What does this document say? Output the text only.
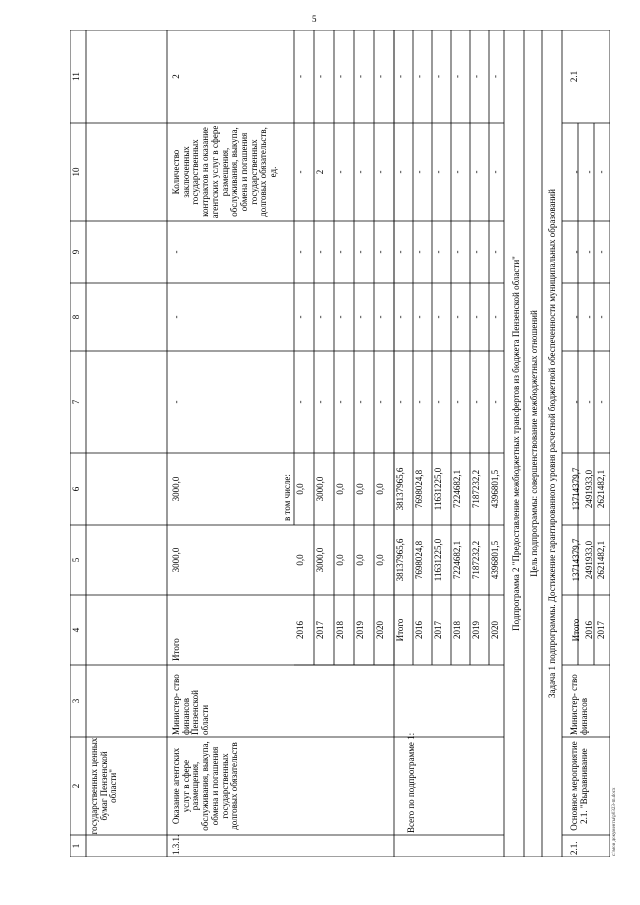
5
1
2
3
4
5
6
7
8
9
10
11
государственных ценных бумаг Пензенской области"
1.3.1.
Оказание агентских услуг в сфере размещения, обслуживания, выкупа, обмена и погашения государственных долговых обязательств
Министер- ство финансов Пензенской области
Итого
3000,0
3000,0
-
-
-
Количество заключенных государственных контрактов на оказание агентских услуг в сфере размещения, обслуживания, выкупа, обмена и погашения государственных долговых обязательств, ед.
2
в том числе:
2016
0,0
0,0
-
-
-
-
-
2017
3000,0
3000,0
-
-
-
2
-
2018
0,0
0,0
-
-
-
-
-
2019
0,0
0,0
-
-
-
-
-
2020
0,0
0,0
-
-
-
-
-
Всего по подпрограмме 1:
Итого
38137965,6
38137965,6
-
-
-
-
-
2016
7698024,8
7698024,8
-
-
-
-
-
2017
11631225,0
11631225,0
-
-
-
-
-
2018
7224682,1
7224682,1
-
-
-
-
-
2019
7187232,2
7187232,2
-
-
-
-
-
2020
4396801,5
4396801,5
-
-
-
-
-
Подпрограмма 2 "Предоставление межбюджетных трансфертов из бюджета Пензенской области" Цель подпрограммы: совершенствование межбюджетных отношений Задача 1 подпрограммы. Достижение гарантированного уровня расчетной бюджетной обеспеченности муниципальных образований
2.1.
Основное мероприятие 2.1. "Выравнивание
Министер- ство финансов
2.1
Итого
13714379,7
13714379,7
-
-
-
-
2016
2491933,0
2491933,0
-
-
-
-
2017
2621482,1
2621482,1
-
-
-
-
c:\мои документы\p0323-m.docx
